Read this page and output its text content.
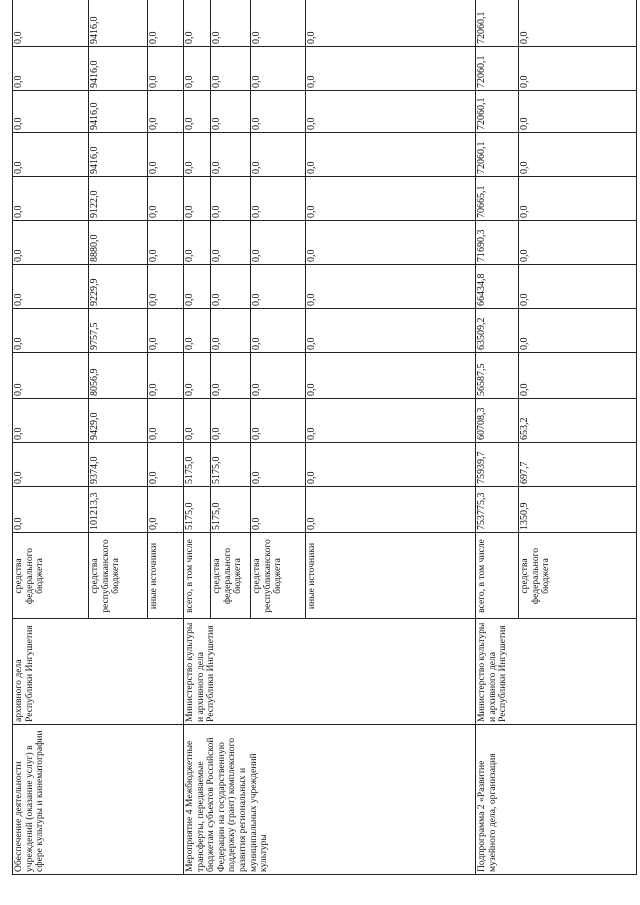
Обеспечение деятельности учреждений (оказание услуг) в сфере культуры и кинематографии
архивного дела Республики Ингушетия
средства федерального бюджета
0,0
0,0
0,0
0,0
0,0
0,0
0,0
0,0
0,0
0,0
0,0
0,0
средства республиканского бюджета
101213,3
9374,0
9429,0
8056,9
9757,5
9229,9
8880,0
9122,0
9416,0
9416,0
9416,0
9416,0
иные источники
0,0
0,0
0,0
0,0
0,0
0,0
0,0
0,0
0,0
0,0
0,0
0,0
Мероприятие 4 Межбюджетные трансферты, передаваемые бюджетам субъектов Российской Федерации на государственную поддержку (грант) комплексного развития региональных и муниципальных учреждений культуры
Министерство культуры и архивного дела Республики Ингушетия
всего, в том числе
5175,0
5175,0
0,0
0,0
0,0
0,0
0,0
0,0
0,0
0,0
0,0
0,0
средства федерального бюджета
5175,0
5175,0
0,0
0,0
0,0
0,0
0,0
0,0
0,0
0,0
0,0
0,0
средства республиканского бюджета
0,0
0,0
0,0
0,0
0,0
0,0
0,0
0,0
0,0
0,0
0,0
0,0
иные источники
0,0
0,0
0,0
0,0
0,0
0,0
0,0
0,0
0,0
0,0
0,0
0,0
Подпрограмма 2 «Развитие музейного дела, организация
Министерство культуры и архивного дела Республики Ингушетия
всего, в том числе
753775,3
75939,7
60708,3
56587,5
63509,2
66434,8
71690,3
70665,1
72060,1
72060,1
72060,1
72060,1
средства федерального бюджета
1350,9
697,7
653,2
0,0
0,0
0,0
0,0
0,0
0,0
0,0
0,0
0,0
